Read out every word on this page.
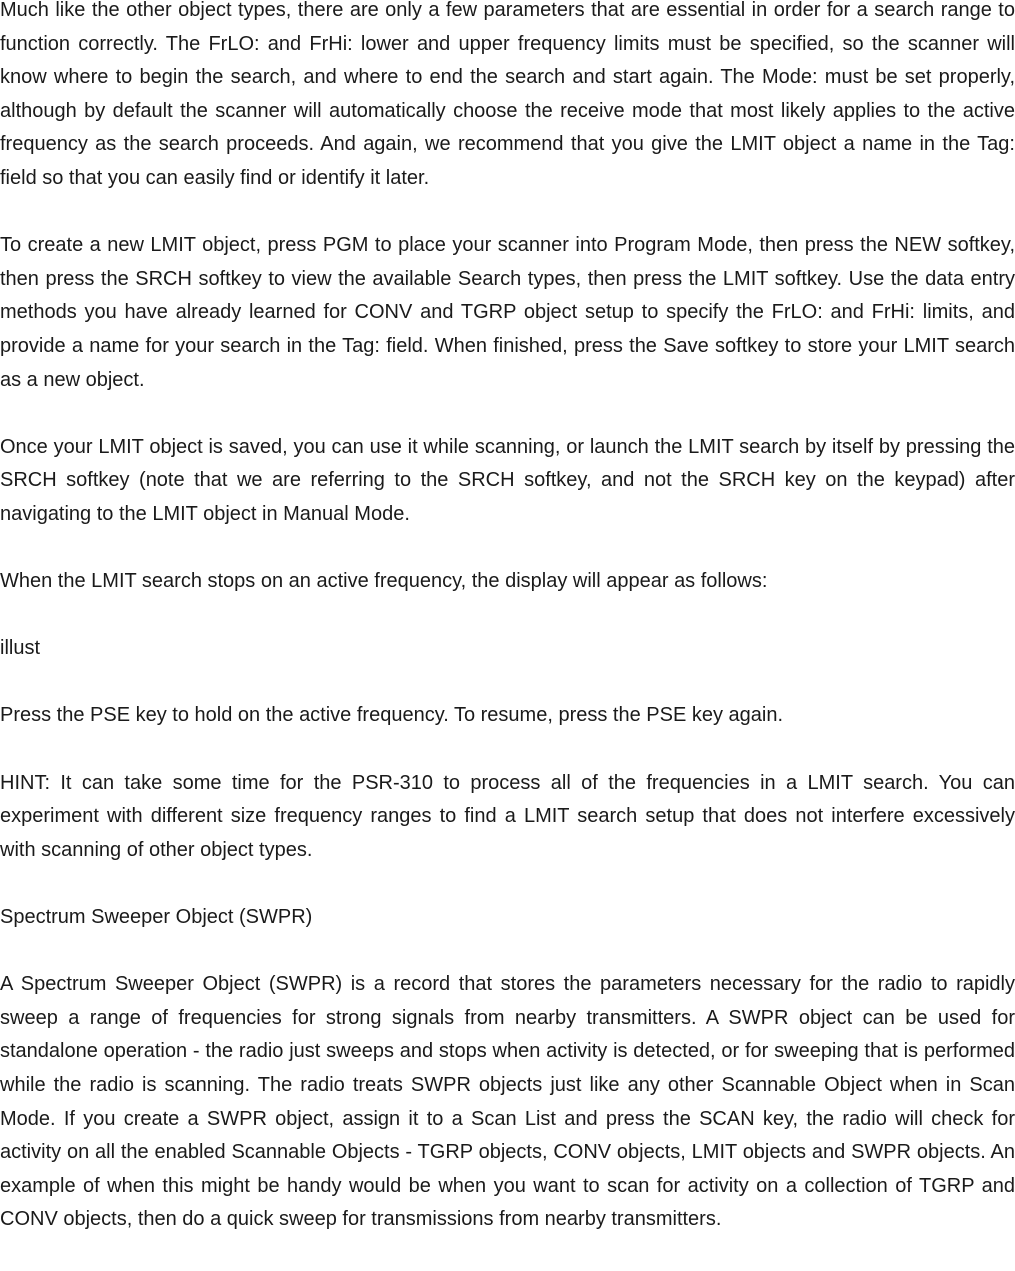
Much like the other object types, there are only a few parameters that are essential in order for a search range to function correctly. The FrLO: and FrHi: lower and upper frequency limits must be specified, so the scanner will know where to begin the search, and where to end the search and start again. The Mode: must be set properly, although by default the scanner will automatically choose the receive mode that most likely applies to the active frequency as the search proceeds. And again, we recommend that you give the LMIT object a name in the Tag: field so that you can easily find or identify it later.

To create a new LMIT object, press PGM to place your scanner into Program Mode, then press the NEW softkey, then press the SRCH softkey to view the available Search types, then press the LMIT softkey. Use the data entry methods you have already learned for CONV and TGRP object setup to specify the FrLO: and FrHi: limits, and provide a name for your search in the Tag: field. When finished, press the Save softkey to store your LMIT search as a new object.

Once your LMIT object is saved, you can use it while scanning, or launch the LMIT search by itself by pressing the SRCH softkey (note that we are referring to the SRCH softkey, and not the SRCH key on the keypad) after navigating to the LMIT object in Manual Mode.

When the LMIT search stops on an active frequency, the display will appear as follows:

illust

Press the PSE key to hold on the active frequency. To resume, press the PSE key again.

HINT: It can take some time for the PSR-310 to process all of the frequencies in a LMIT search. You can experiment with different size frequency ranges to find a LMIT search setup that does not interfere excessively with scanning of other object types.

Spectrum Sweeper Object (SWPR)

A Spectrum Sweeper Object (SWPR) is a record that stores the parameters necessary for the radio to rapidly sweep a range of frequencies for strong signals from nearby transmitters. A SWPR object can be used for standalone operation - the radio just sweeps and stops when activity is detected, or for sweeping that is performed while the radio is scanning. The radio treats SWPR objects just like any other Scannable Object when in Scan Mode. If you create a SWPR object, assign it to a Scan List and press the SCAN key, the radio will check for activity on all the enabled Scannable Objects - TGRP objects, CONV objects, LMIT objects and SWPR objects. An example of when this might be handy would be when you want to scan for activity on a collection of TGRP and CONV objects, then do a quick sweep for transmissions from nearby transmitters.
